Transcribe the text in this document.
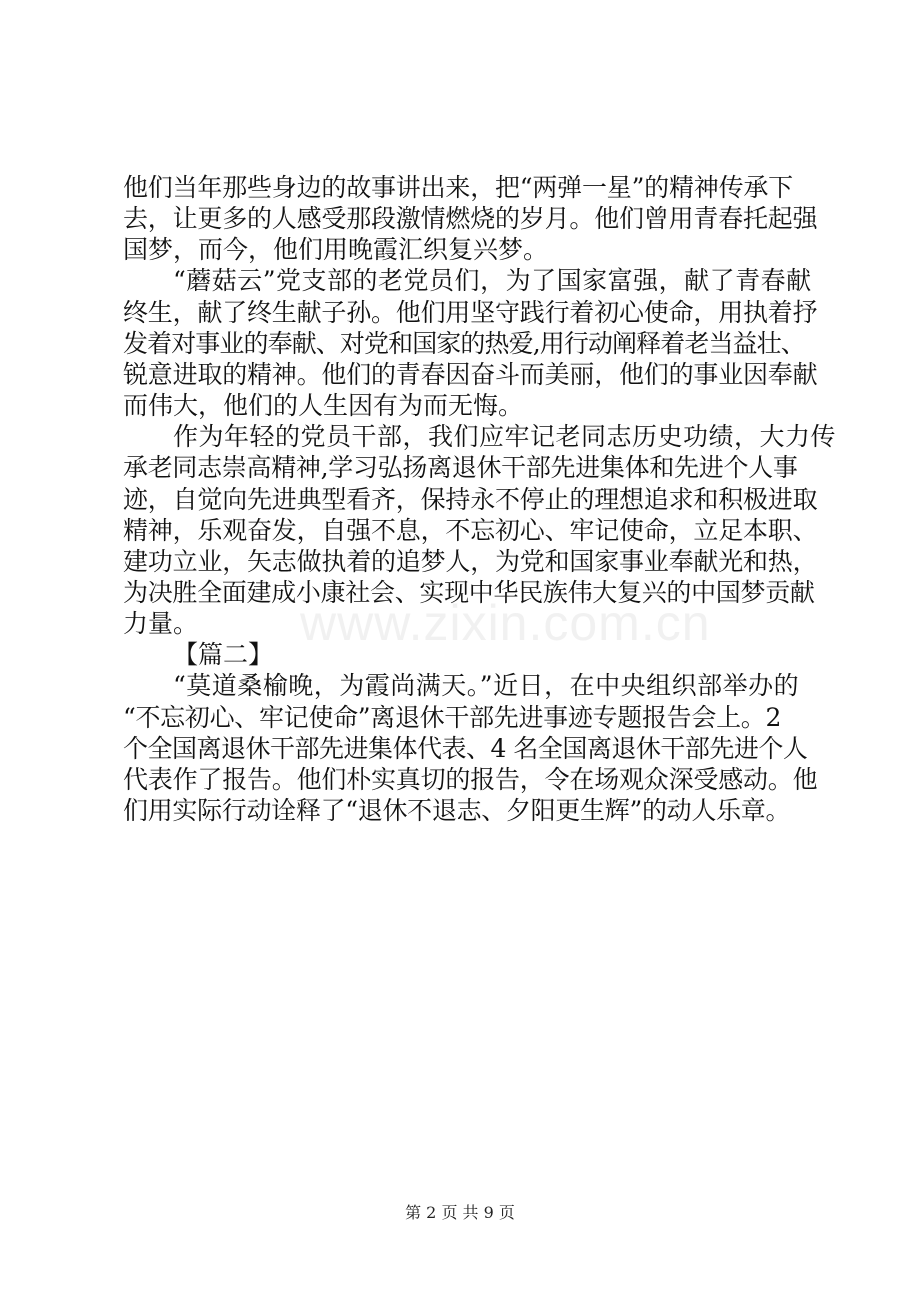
www.zixin.com.cn
他们当年那些身边的故事讲出来，把“两弹一星”的精神传承下
去，让更多的人感受那段激情燃烧的岁月。他们曾用青春托起强
国梦，而今，他们用晚霞汇织复兴梦。
“蘑菇云”党支部的老党员们，为了国家富强，献了青春献
终生，献了终生献子孙。他们用坚守践行着初心使命，用执着抒
发着对事业的奉献、对党和国家的热爱,用行动阐释着老当益壮、
锐意进取的精神。他们的青春因奋斗而美丽，他们的事业因奉献
而伟大，他们的人生因有为而无悔。
作为年轻的党员干部，我们应牢记老同志历史功绩，大力传
承老同志崇高精神,学习弘扬离退休干部先进集体和先进个人事
迹，自觉向先进典型看齐，保持永不停止的理想追求和积极进取
精神，乐观奋发，自强不息，不忘初心、牢记使命，立足本职、
建功立业，矢志做执着的追梦人，为党和国家事业奉献光和热，
为决胜全面建成小康社会、实现中华民族伟大复兴的中国梦贡献
力量。
【篇二】
“莫道桑榆晚，为霞尚满天。”近日，在中央组织部举办的
“不忘初心、牢记使命”离退休干部先进事迹专题报告会上。2
个全国离退休干部先进集体代表、4 名全国离退休干部先进个人
代表作了报告。他们朴实真切的报告，令在场观众深受感动。他
们用实际行动诠释了“退休不退志、夕阳更生辉”的动人乐章。
第 2 页 共 9 页
